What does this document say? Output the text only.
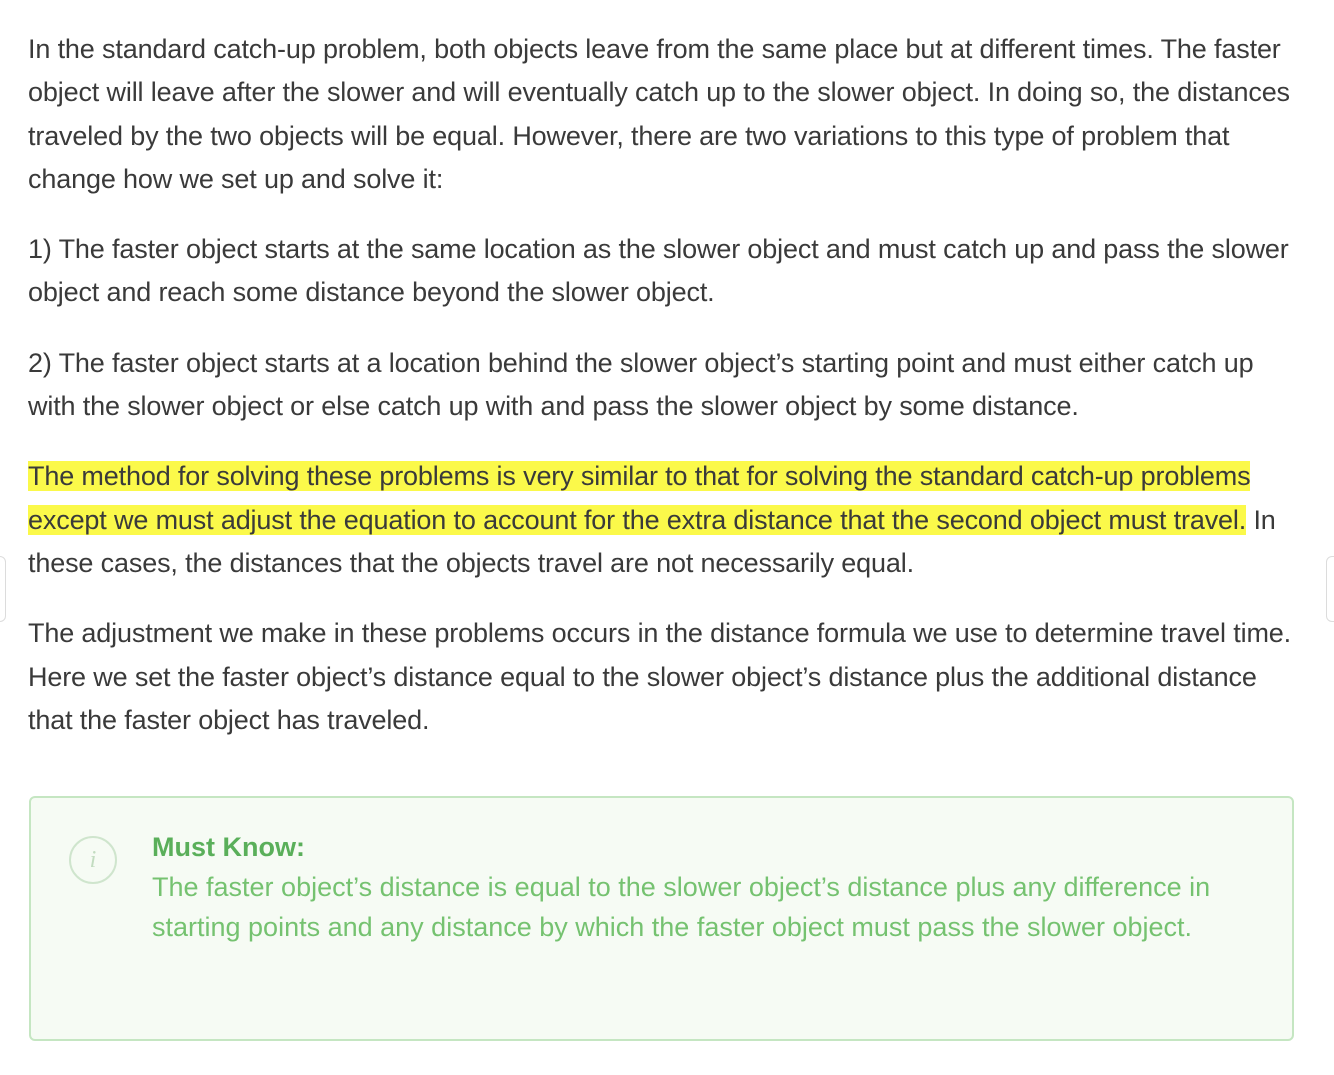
In the standard catch-up problem, both objects leave from the same place but at different times. The faster object will leave after the slower and will eventually catch up to the slower object. In doing so, the distances traveled by the two objects will be equal. However, there are two variations to this type of problem that change how we set up and solve it:

1) The faster object starts at the same location as the slower object and must catch up and pass the slower object and reach some distance beyond the slower object.

2) The faster object starts at a location behind the slower object’s starting point and must either catch up with the slower object or else catch up with and pass the slower object by some distance.

The method for solving these problems is very similar to that for solving the standard catch-up problems except we must adjust the equation to account for the extra distance that the second object must travel. In these cases, the distances that the objects travel are not necessarily equal.

The adjustment we make in these problems occurs in the distance formula we use to determine travel time. Here we set the faster object’s distance equal to the slower object’s distance plus the additional distance that the faster object has traveled.

i	Must Know:
The faster object’s distance is equal to the slower object’s distance plus any difference in starting points and any distance by which the faster object must pass the slower object.
